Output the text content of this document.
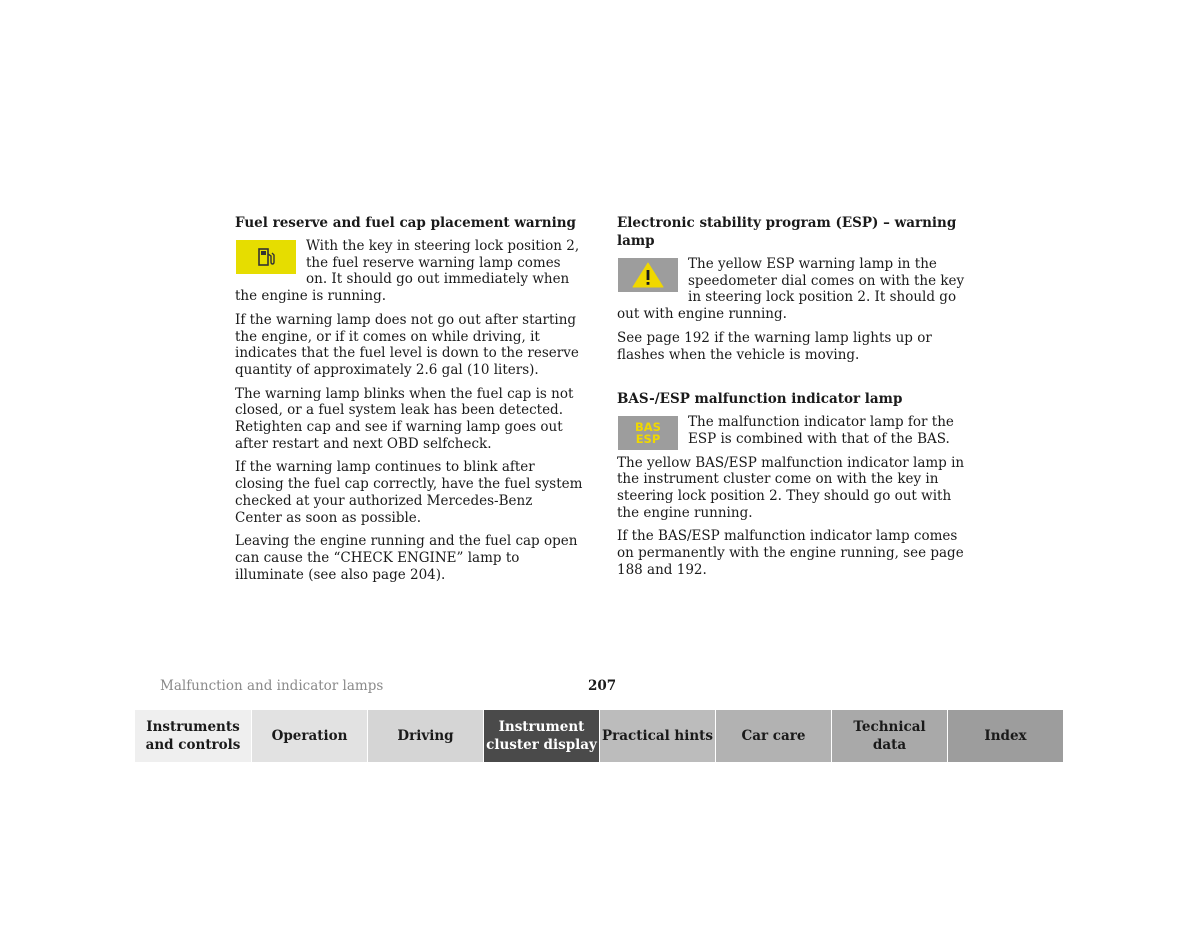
Fuel reserve and fuel cap placement warning

With the key in steering lock position 2, the fuel reserve warning lamp comes on. It should go out immediately when the engine is running.

If the warning lamp does not go out after starting the engine, or if it comes on while driving, it indicates that the fuel level is down to the reserve quantity of approximately 2.6 gal (10 liters).

The warning lamp blinks when the fuel cap is not closed, or a fuel system leak has been detected. Retighten cap and see if warning lamp goes out after restart and next OBD selfcheck.

If the warning lamp continues to blink after closing the fuel cap correctly, have the fuel system checked at your authorized Mercedes-Benz Center as soon as possible.

Leaving the engine running and the fuel cap open can cause the “CHECK ENGINE” lamp to illuminate (see also page 204).

Electronic stability program (ESP) – warning lamp

The yellow ESP warning lamp in the speedometer dial comes on with the key in steering lock position 2. It should go out with engine running.

See page 192 if the warning lamp lights up or flashes when the vehicle is moving.

BAS-/ESP malfunction indicator lamp
BAS
ESP

The malfunction indicator lamp for the ESP is combined with that of the BAS.

The yellow BAS/ESP malfunction indicator lamp in the instrument cluster come on with the key in steering lock position 2. They should go out with the engine running.

If the BAS/ESP malfunction indicator lamp comes on permanently with the engine running, see page 188 and 192.

Malfunction and indicator lamps	207
Instruments
and controls
Operation	Driving
Instrument
cluster display
Practical hints Car care
Technical
data
Index
